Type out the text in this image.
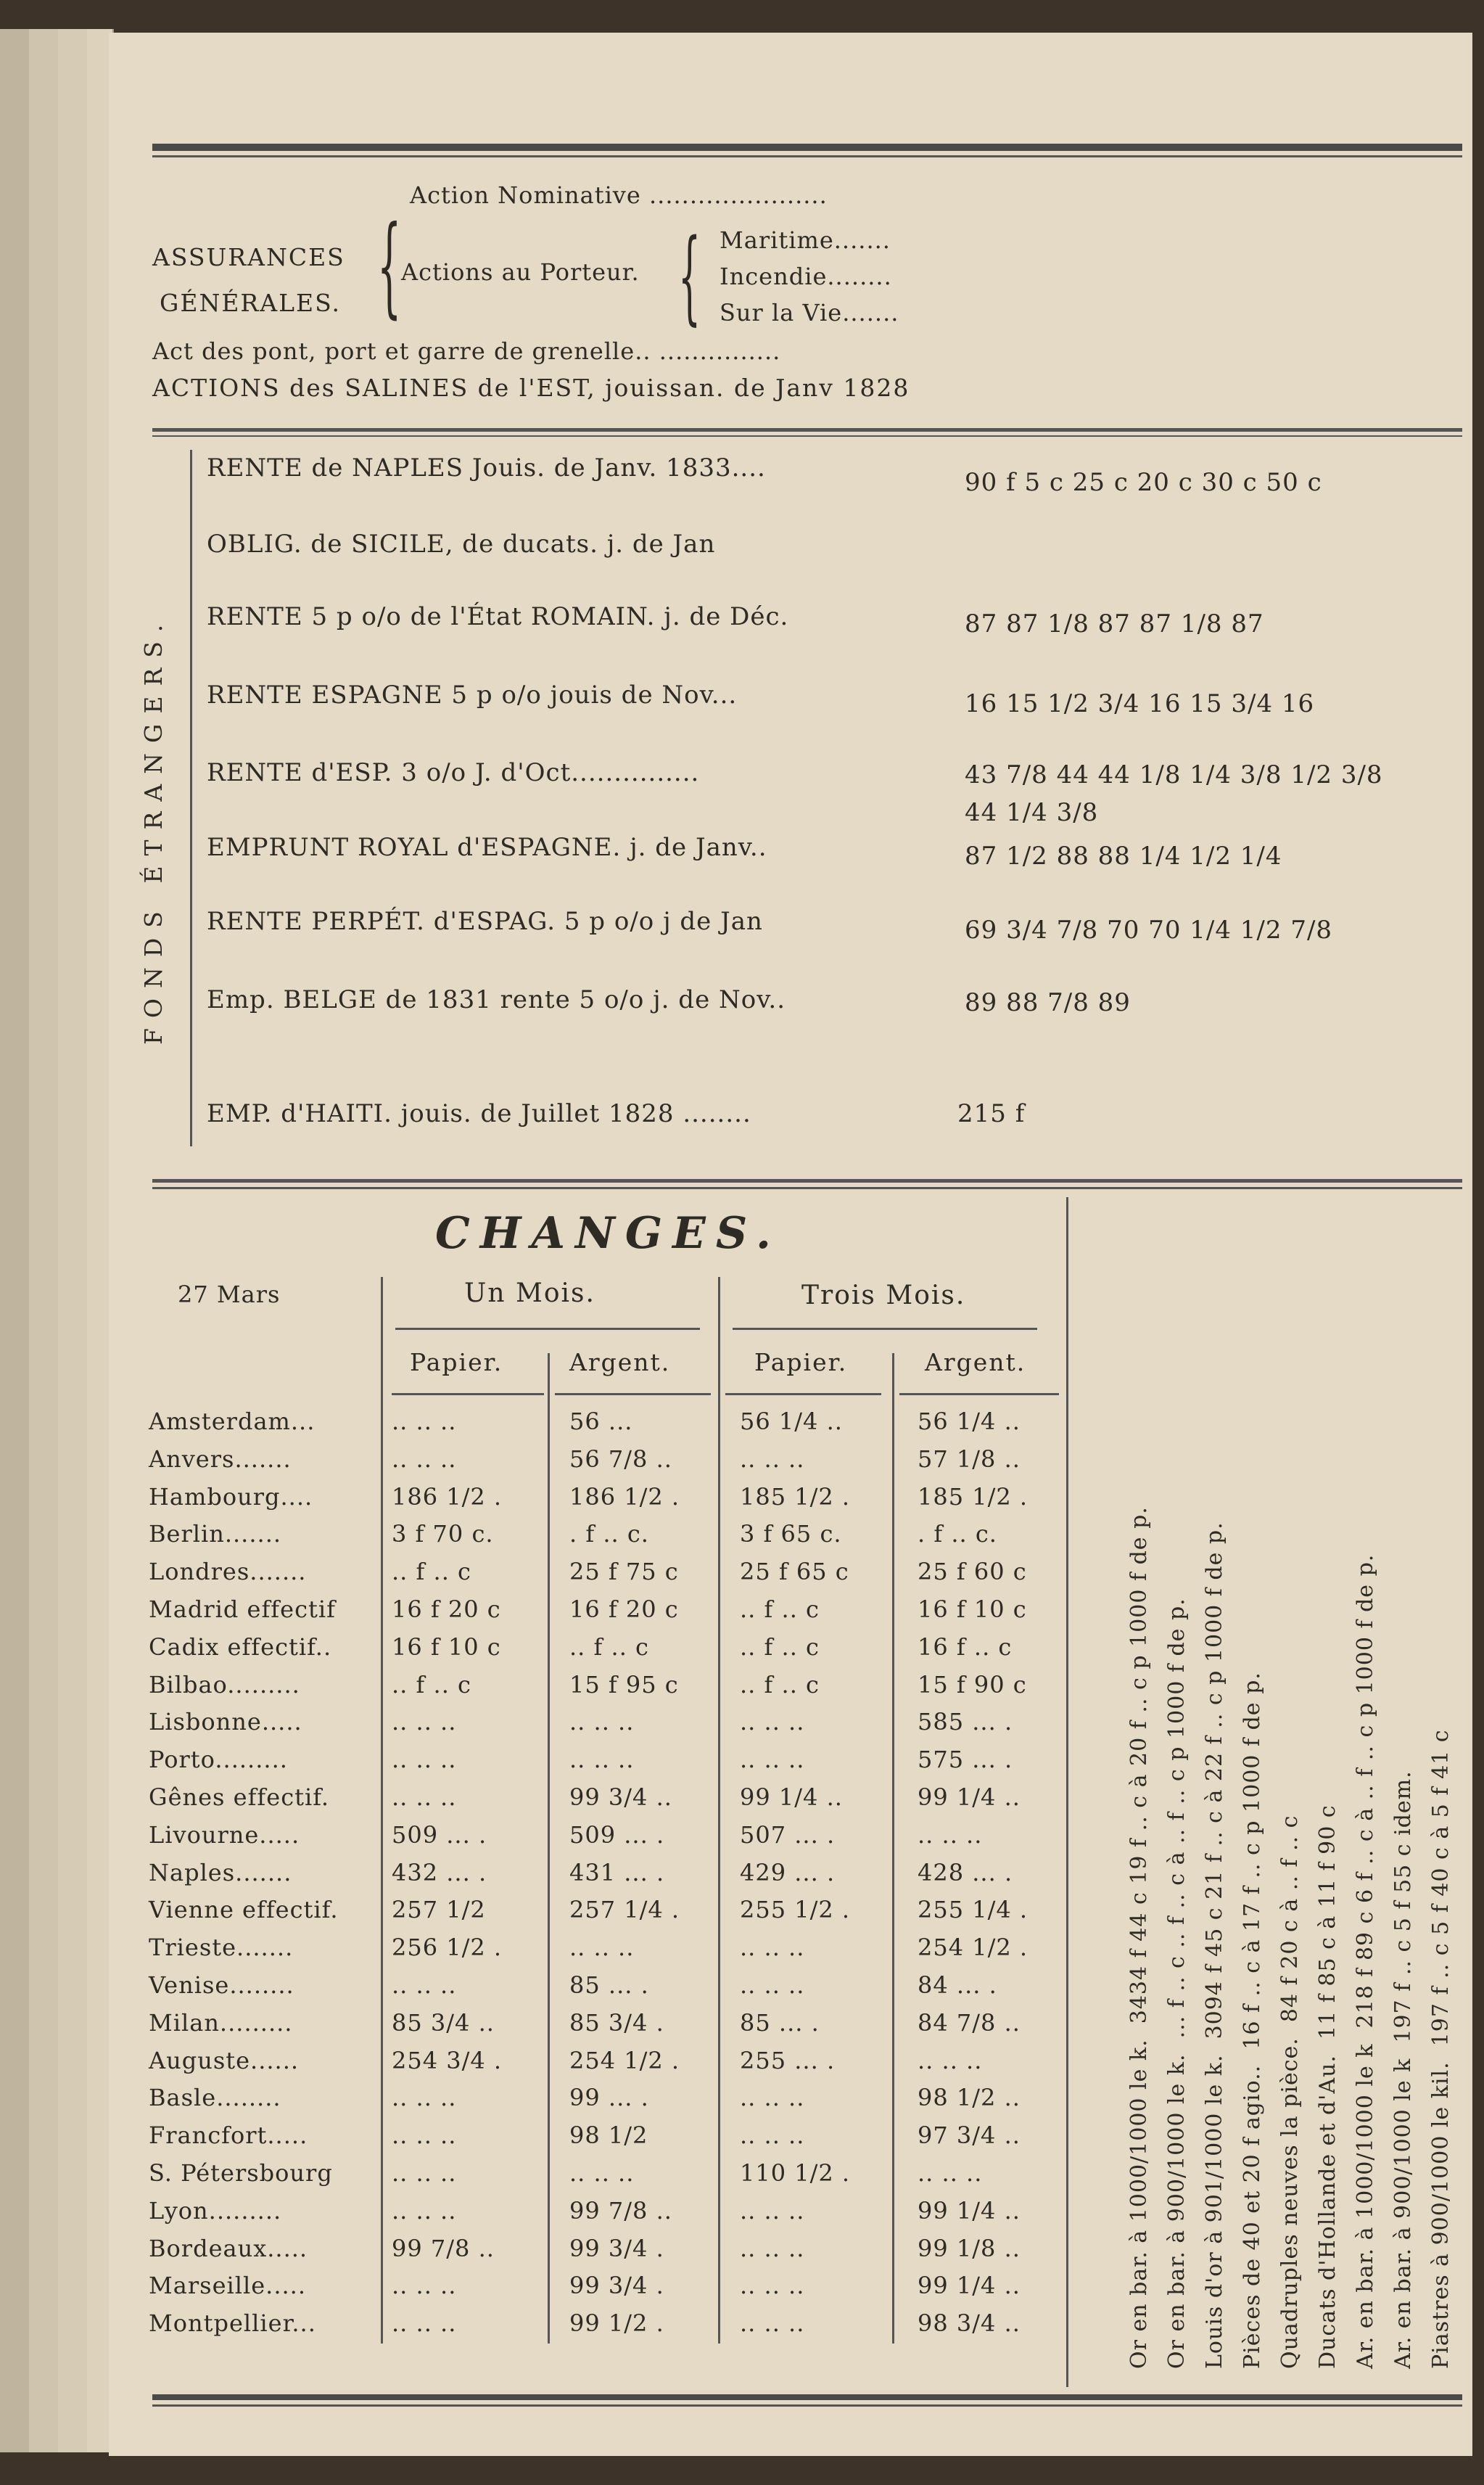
Action Nominative ......................
ASSURANCES
GÉNÉRALES. { Actions au Porteur. { Maritime.......
Incendie........
Sur la Vie.......
Act des pont, port et garre de grenelle.. ...............
ACTIONS des SALINES de l'EST, jouissan. de Janv 1828
FONDS ÉTRANGERS.
RENTE de NAPLES Jouis. de Janv. 1833....	90 f 5 c 25 c 20 c 30 c 50 c
OBLIG. de SICILE, de ducats. j. de Jan
RENTE 5 p o/o de l'État ROMAIN. j. de Déc.	87 87 1/8 87 87 1/8 87
RENTE ESPAGNE 5 p o/o jouis de Nov...	16 15 1/2 3/4 16 15 3/4 16
RENTE d'ESP. 3 o/o J. d'Oct...............	43 7/8 44 44 1/8 1/4 3/8 1/2 3/8
44 1/4 3/8
EMPRUNT ROYAL d'ESPAGNE. j. de Janv..	87 1/2 88 88 1/4 1/2 1/4
RENTE PERPÉT. d'ESPAG. 5 p o/o j de Jan	69 3/4 7/8 70 70 1/4 1/2 7/8
Emp. BELGE de 1831 rente 5 o/o j. de Nov..	89 88 7/8 89
EMP. d'HAITI. jouis. de Juillet 1828 ........	215 f
CHANGES.
27 Mars	Un Mois.	Trois Mois.
Papier.	Argent.	Papier.	Argent.
Amsterdam...	.. .. ..	56 ...	56 1/4 ..	56 1/4 ..
Anvers.......	.. .. ..	56 7/8 ..	.. .. ..	57 1/8 ..
Hambourg....	186 1/2 .	186 1/2 .	185 1/2 .	185 1/2 .
Berlin.......	3 f 70 c.	. f .. c.	3 f 65 c.	. f .. c.
Londres.......	.. f .. c	25 f 75 c	25 f 65 c	25 f 60 c
Madrid effectif 16 f 20 c	16 f 20 c	.. f .. c	16 f 10 c
Cadix effectif..	16 f 10 c	.. f .. c	.. f .. c	16 f .. c
Bilbao.........	.. f .. c	15 f 95 c	.. f .. c	15 f 90 c
Lisbonne.....	.. .. ..	.. .. ..	.. .. ..	585 ... .
Porto.........	.. .. ..	.. .. ..	.. .. ..	575 ... .
Gênes effectif.	.. .. ..	99 3/4 ..	99 1/4 ..	99 1/4 ..
Livourne.....	509 ... .	509 ... .	507 ... .	.. .. ..
Naples.......	432 ... .	431 ... .	429 ... .	428 ... .
Vienne effectif. 257 1/2	257 1/4 .	255 1/2 .	255 1/4 .
Trieste.......	256 1/2 .	.. .. ..	.. .. ..	254 1/2 .
Venise........	.. .. ..	85 ... .	.. .. ..	84 ... .
Milan.........	85 3/4 ..	85 3/4 .	85 ... .	84 7/8 ..
Auguste......	254 3/4 .	254 1/2 .	255 ... .	.. .. ..
Basle........	.. .. ..	99 ... .	.. .. ..	98 1/2 ..
Francfort.....	.. .. ..	98 1/2	.. .. ..	97 3/4 ..
S. Pétersbourg	.. .. ..	.. .. ..	110 1/2 .	.. .. ..
Lyon.........	.. .. ..	99 7/8 ..	.. .. ..	99 1/4 ..
Bordeaux.....	99 7/8 ..	99 3/4 .	.. .. ..	99 1/8 ..
Marseille.....	.. .. ..	99 3/4 .	.. .. ..	99 1/4 ..
Montpellier...	.. .. ..	99 1/2 .	.. .. ..	98 3/4 ..	Or en bar. à 1000/1000 le k.  3434 f 44 c 19 f .. c à 20 f .. c p 1000 f de p.
Or en bar. à 900/1000 le k.  ... f .. c .. f .. c à .. f .. c p 1000 f de p.
Louis d'or à 901/1000 le k.  3094 f 45 c 21 f .. c à 22 f .. c p 1000 f de p.
Pièces de 40 et 20 f agio..  16 f .. c à 17 f .. c p 1000 f de p.
Quadruples neuves la pièce.  84 f 20 c à .. f .. c
Ducats d'Hollande et d'Au.  11 f 85 c à 11 f 90 c
Ar. en bar. à 1000/1000 le k  218 f 89 c 6 f .. c à .. f .. c p 1000 f de p.
Ar. en bar. à 900/1000 le k  197 f .. c 5 f 55 c idem.
Piastres à 900/1000 le kil.  197 f .. c 5 f 40 c à 5 f 41 c
